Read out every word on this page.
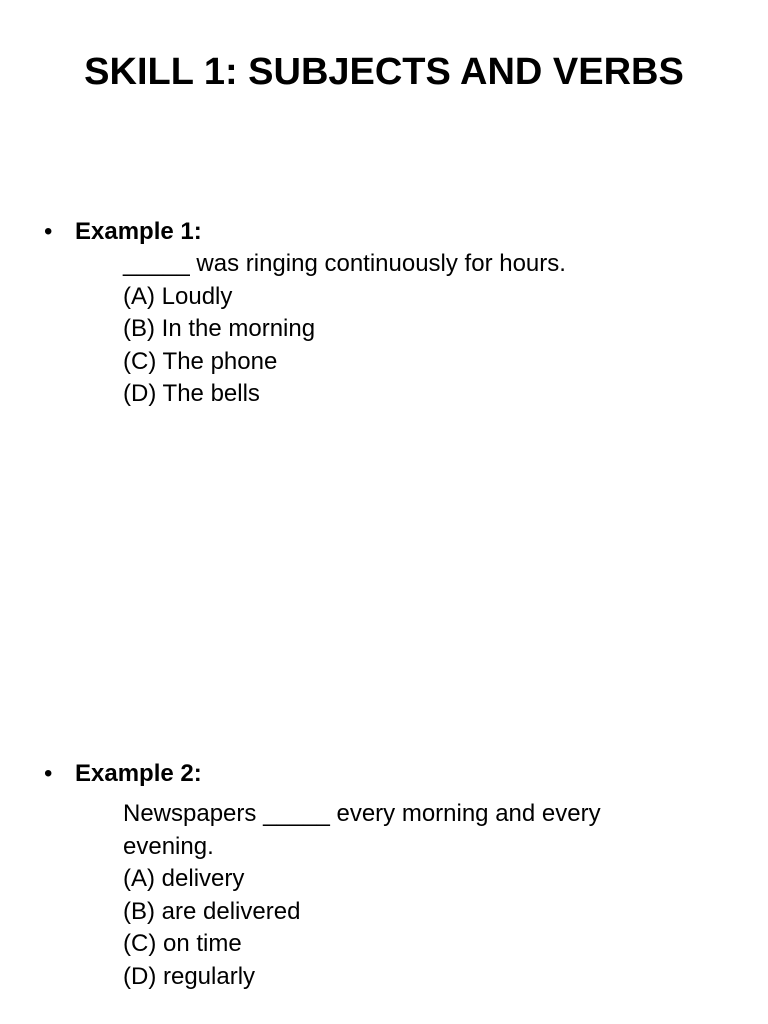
SKILL 1: SUBJECTS AND VERBS
• Example 1:
_____ was ringing continuously for hours.
(A) Loudly
(B) In the morning
(C) The phone
(D) The bells
• Example 2:
Newspapers _____ every morning and every evening.
(A) delivery
(B) are delivered
(C) on time
(D) regularly
